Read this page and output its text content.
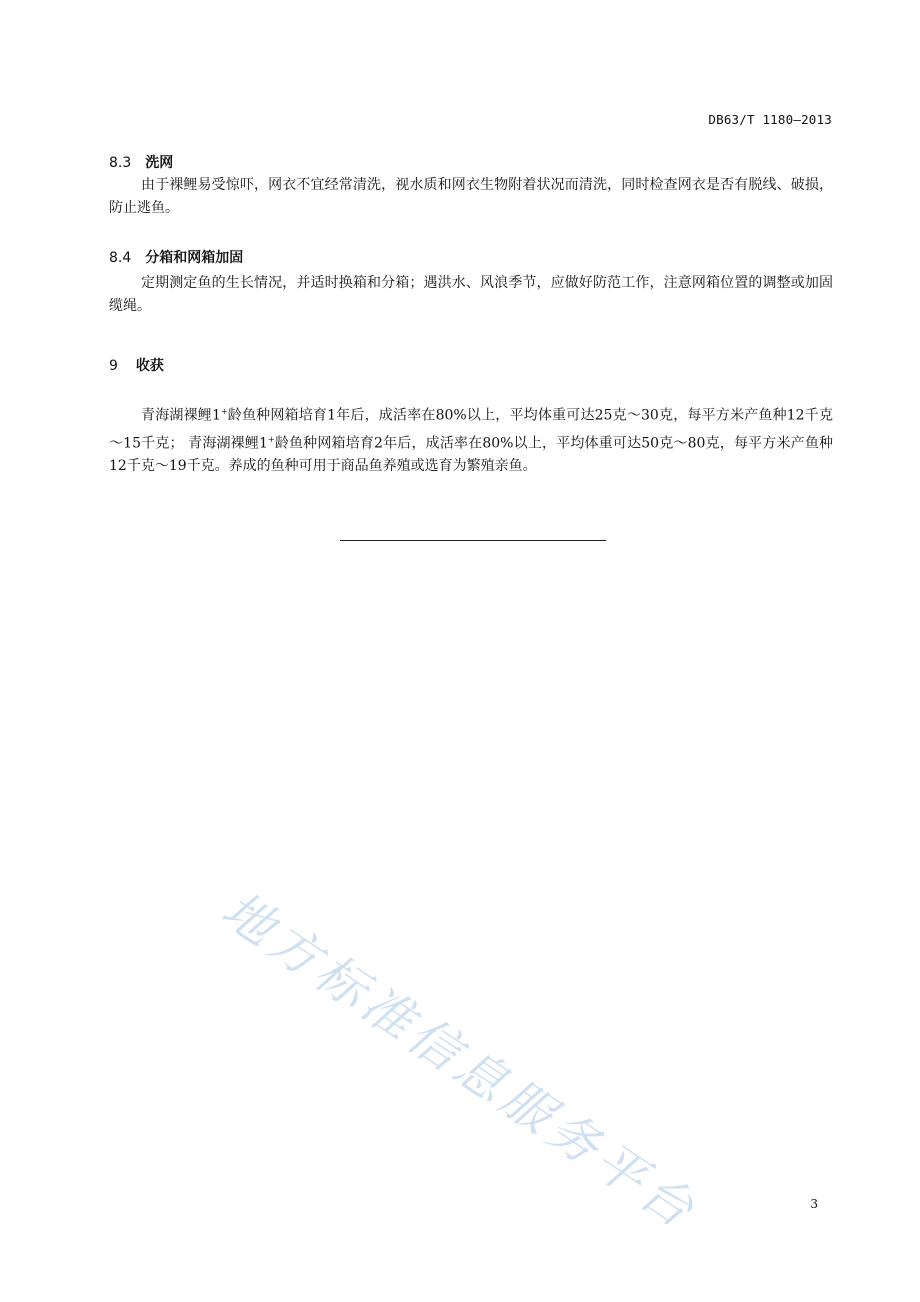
DB63/T 1180—2013
8.3 洗网

由于裸鲤易受惊吓，网衣不宜经常清洗，视水质和网衣生物附着状况而清洗，同时检查网衣是否有脱线、破损，防止逃鱼。

8.4 分箱和网箱加固

定期测定鱼的生长情况，并适时换箱和分箱；遇洪水、风浪季节，应做好防范工作，注意网箱位置的调整或加固缆绳。

9 收获

青海湖裸鲤1+龄鱼种网箱培育1年后，成活率在80%以上，平均体重可达25克～30克，每平方米产鱼种12千克～15千克； 青海湖裸鲤1+龄鱼种网箱培育2年后，成活率在80%以上，平均体重可达50克～80克，每平方米产鱼种12千克～19千克。养成的鱼种可用于商品鱼养殖或选育为繁殖亲鱼。

地方标准信息服务平台	3
